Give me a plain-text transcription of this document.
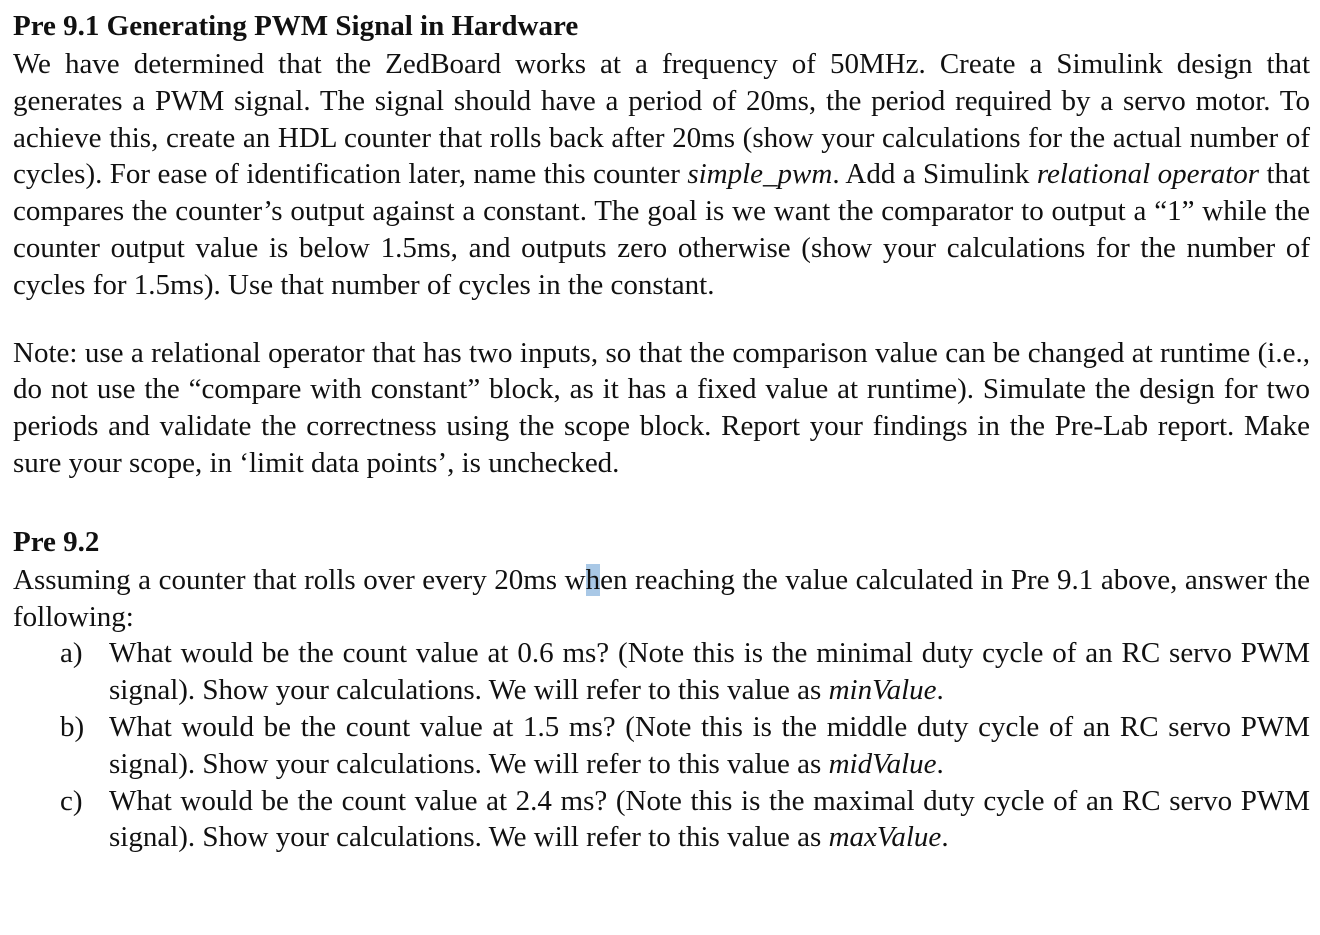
Pre 9.1 Generating PWM Signal in Hardware

We have determined that the ZedBoard works at a frequency of 50MHz. Create a Simulink design that generates a PWM signal. The signal should have a period of 20ms, the period required by a servo motor. To achieve this, create an HDL counter that rolls back after 20ms (show your calculations for the actual number of cycles). For ease of identification later, name this counter simple_pwm. Add a Simulink relational operator that compares the counter’s output against a constant. The goal is we want the comparator to output a “1” while the counter output value is below 1.5ms, and outputs zero otherwise (show your calculations for the number of cycles for 1.5ms). Use that number of cycles in the constant.

Note: use a relational operator that has two inputs, so that the comparison value can be changed at runtime (i.e., do not use the “compare with constant” block, as it has a fixed value at runtime). Simulate the design for two periods and validate the correctness using the scope block. Report your findings in the Pre-Lab report. Make sure your scope, in ‘limit data points’, is unchecked.

Pre 9.2

Assuming a counter that rolls over every 20ms when reaching the value calculated in Pre 9.1 above, answer the following:

a) What would be the count value at 0.6 ms? (Note this is the minimal duty cycle of an RC servo PWM signal). Show your calculations. We will refer to this value as minValue.
b) What would be the count value at 1.5 ms? (Note this is the middle duty cycle of an RC servo PWM signal). Show your calculations. We will refer to this value as midValue.
c) What would be the count value at 2.4 ms? (Note this is the maximal duty cycle of an RC servo PWM signal). Show your calculations. We will refer to this value as maxValue.
